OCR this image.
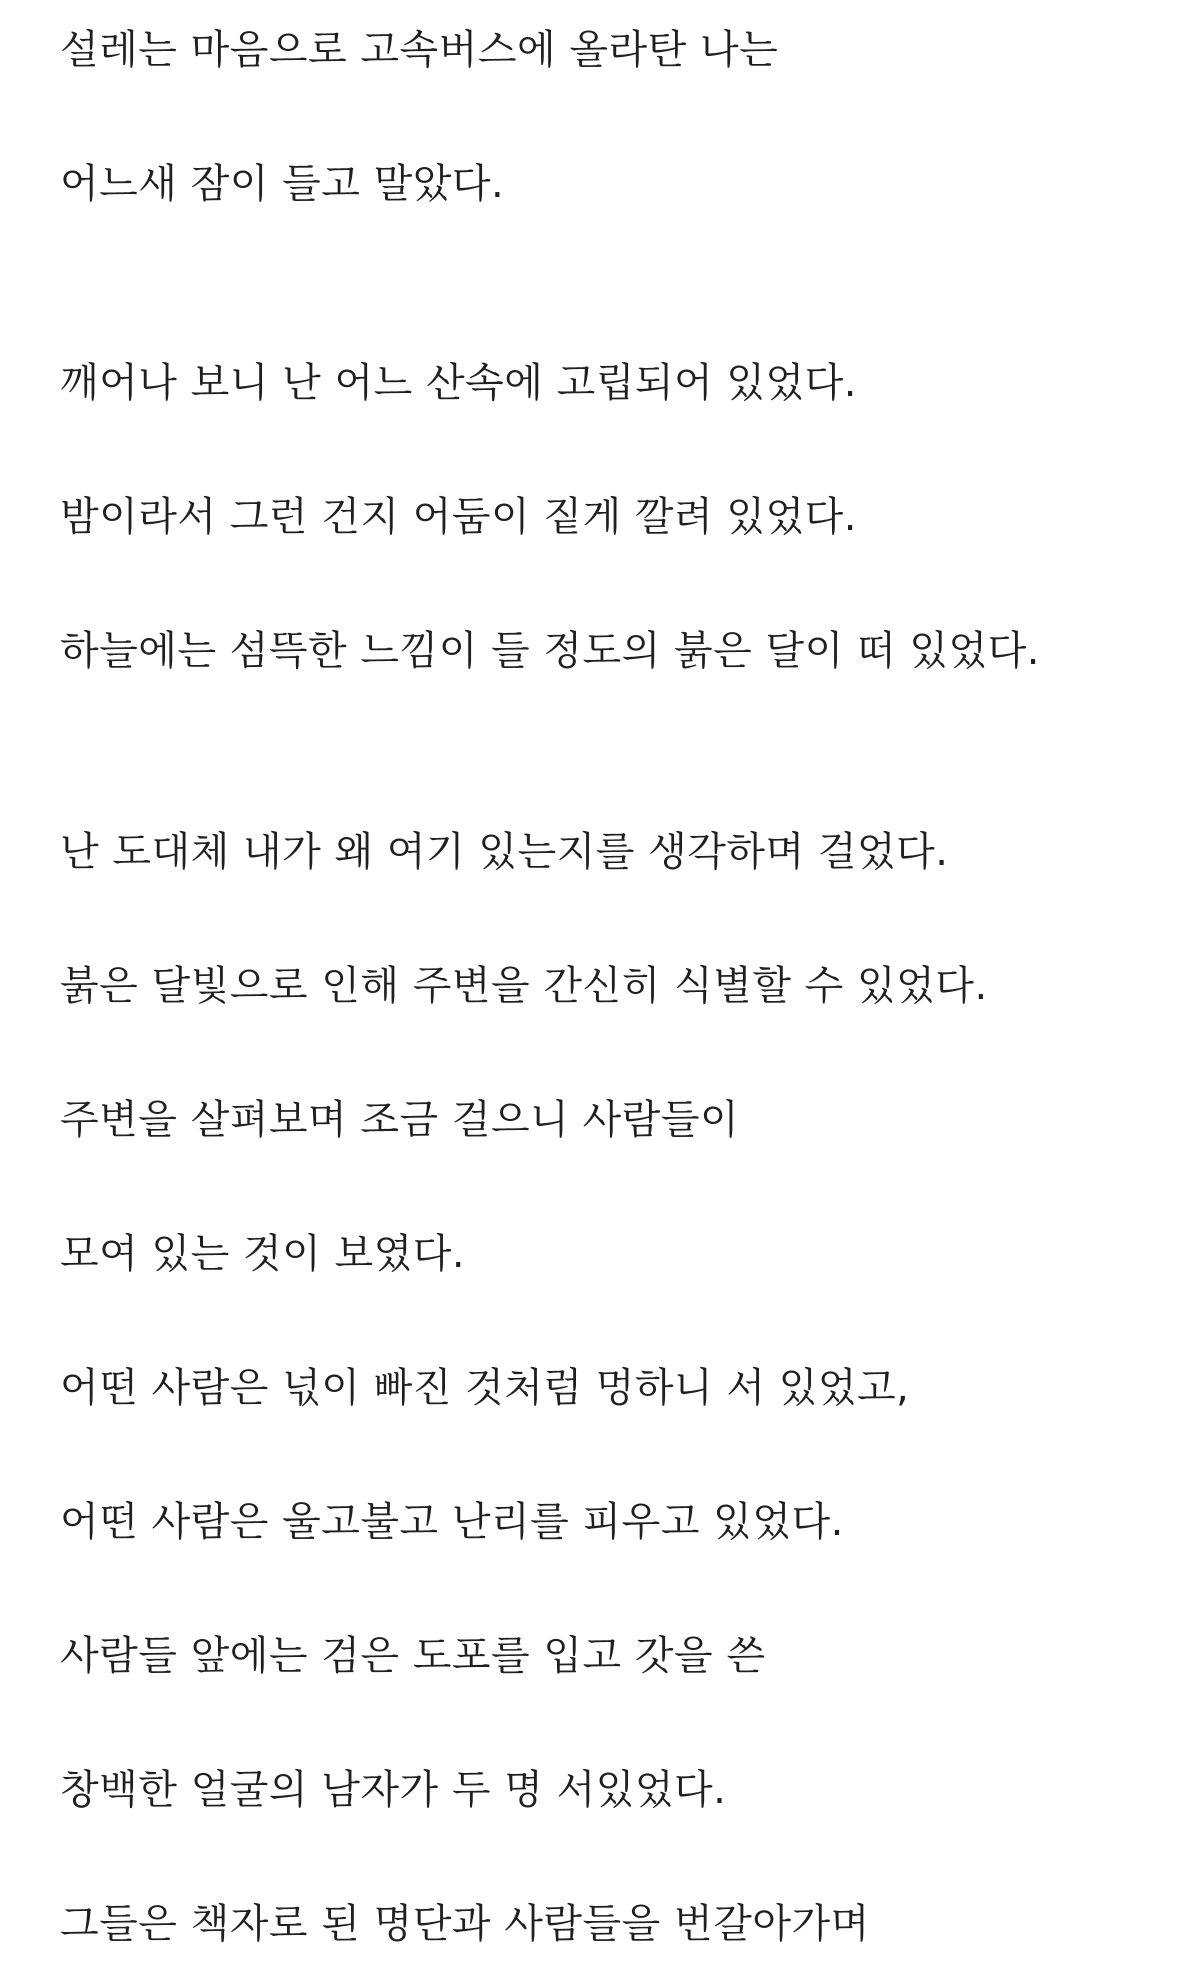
설레는 마음으로 고속버스에 올라탄 나는

어느새 잠이 들고 말았다.

깨어나 보니 난 어느 산속에 고립되어 있었다.

밤이라서 그런 건지 어둠이 짙게 깔려 있었다.

하늘에는 섬뜩한 느낌이 들 정도의 붉은 달이 떠 있었다.

난 도대체 내가 왜 여기 있는지를 생각하며 걸었다.

붉은 달빛으로 인해 주변을 간신히 식별할 수 있었다.

주변을 살펴보며 조금 걸으니 사람들이

모여 있는 것이 보였다.

어떤 사람은 넋이 빠진 것처럼 멍하니 서 있었고,

어떤 사람은 울고불고 난리를 피우고 있었다.

사람들 앞에는 검은 도포를 입고 갓을 쓴

창백한 얼굴의 남자가 두 명 서있었다.

그들은 책자로 된 명단과 사람들을 번갈아가며
